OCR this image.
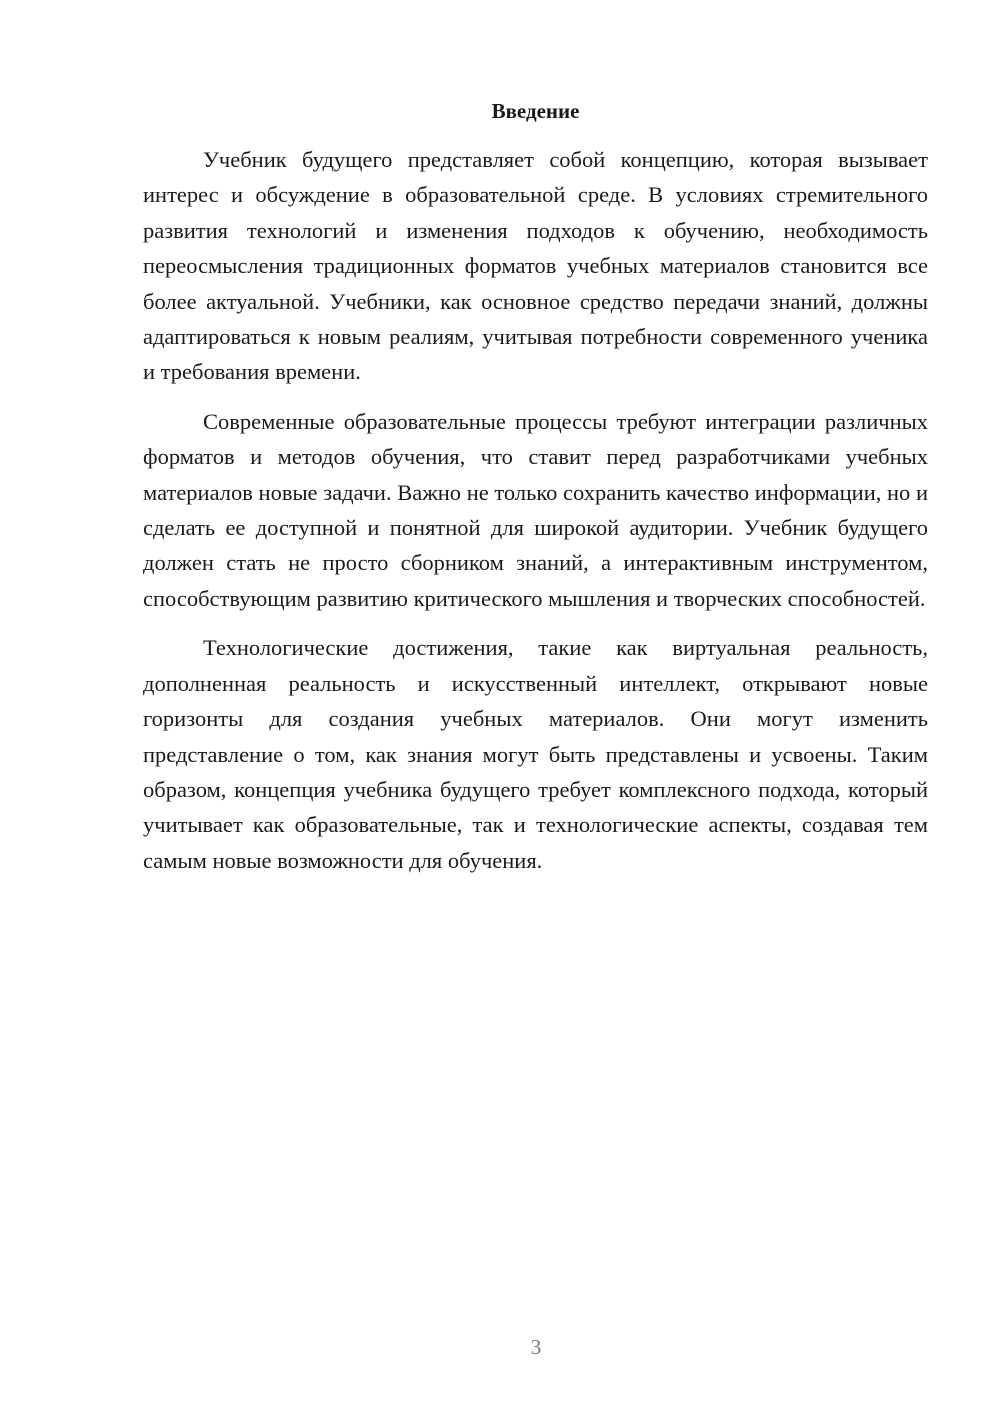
Введение

Учебник будущего представляет собой концепцию, которая вызывает интерес и обсуждение в образовательной среде. В условиях стремительного развития технологий и изменения подходов к обучению, необходимость переосмысления традиционных форматов учебных материалов становится все более актуальной. Учебники, как основное средство передачи знаний, должны адаптироваться к новым реалиям, учитывая потребности современного ученика и требования времени.

Современные образовательные процессы требуют интеграции различных форматов и методов обучения, что ставит перед разработчиками учебных материалов новые задачи. Важно не только сохранить качество информации, но и сделать ее доступной и понятной для широкой аудитории. Учебник будущего должен стать не просто сборником знаний, а интерактивным инструментом, способствующим развитию критического мышления и творческих способностей.

Технологические достижения, такие как виртуальная реальность, дополненная реальность и искусственный интеллект, открывают новые горизонты для создания учебных материалов. Они могут изменить представление о том, как знания могут быть представлены и усвоены. Таким образом, концепция учебника будущего требует комплексного подхода, который учитывает как образовательные, так и технологические аспекты, создавая тем самым новые возможности для обучения.

3
